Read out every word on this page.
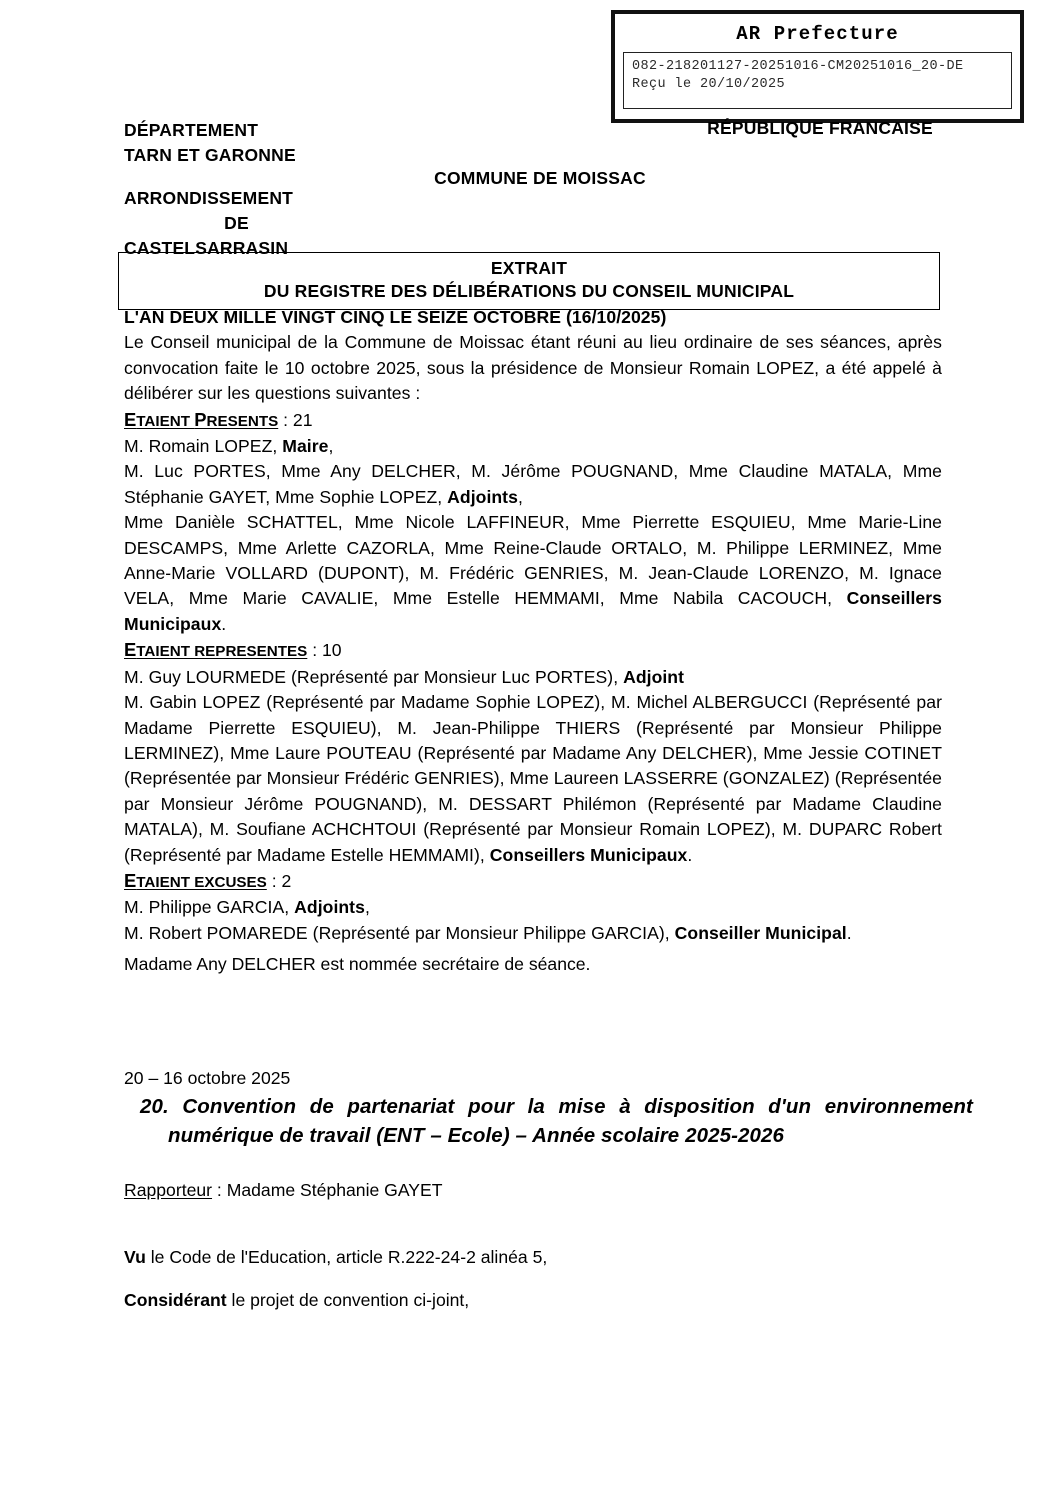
AR Prefecture
082-218201127-20251016-CM20251016_20-DE
Reçu le 20/10/2025
DÉPARTEMENT
TARN ET GARONNE
ARRONDISSEMENT
DE
CASTELSARRASIN
RÉPUBLIQUE FRANCAISE
COMMUNE DE MOISSAC
EXTRAIT
DU REGISTRE DES DÉLIBÉRATIONS DU CONSEIL MUNICIPAL
L'AN DEUX MILLE VINGT CINQ LE SEIZE OCTOBRE (16/10/2025)
Le Conseil municipal de la Commune de Moissac étant réuni au lieu ordinaire de ses séances, après convocation faite le 10 octobre 2025, sous la présidence de Monsieur Romain LOPEZ, a été appelé à délibérer sur les questions suivantes :
ETAIENT PRESENTS : 21
M. Romain LOPEZ, Maire,
M. Luc PORTES, Mme Any DELCHER, M. Jérôme POUGNAND, Mme Claudine MATALA, Mme Stéphanie GAYET, Mme Sophie LOPEZ, Adjoints,
Mme Danièle SCHATTEL, Mme Nicole LAFFINEUR, Mme Pierrette ESQUIEU, Mme Marie-Line DESCAMPS, Mme Arlette CAZORLA, Mme Reine-Claude ORTALO, M. Philippe LERMINEZ, Mme Anne-Marie VOLLARD (DUPONT), M. Frédéric GENRIES, M. Jean-Claude LORENZO, M. Ignace VELA, Mme Marie CAVALIE, Mme Estelle HEMMAMI, Mme Nabila CACOUCH, Conseillers Municipaux.
ETAIENT REPRESENTES : 10
M. Guy LOURMEDE (Représenté par Monsieur Luc PORTES), Adjoint
M. Gabin LOPEZ (Représenté par Madame Sophie LOPEZ), M. Michel ALBERGUCCI (Représenté par Madame Pierrette ESQUIEU), M. Jean-Philippe THIERS (Représenté par Monsieur Philippe LERMINEZ), Mme Laure POUTEAU (Représenté par Madame Any DELCHER), Mme Jessie COTINET (Représentée par Monsieur Frédéric GENRIES), Mme Laureen LASSERRE (GONZALEZ) (Représentée par Monsieur Jérôme POUGNAND), M. DESSART Philémon (Représenté par Madame Claudine MATALA), M. Soufiane ACHCHTOUI (Représenté par Monsieur Romain LOPEZ), M. DUPARC Robert (Représenté par Madame Estelle HEMMAMI), Conseillers Municipaux.
ETAIENT EXCUSES : 2
M. Philippe GARCIA, Adjoints,
M. Robert POMAREDE (Représenté par Monsieur Philippe GARCIA), Conseiller Municipal.
Madame Any DELCHER est nommée secrétaire de séance.
20 – 16 octobre 2025
20. Convention de partenariat pour la mise à disposition d'un environnement numérique de travail (ENT – Ecole) – Année scolaire 2025-2026
Rapporteur : Madame Stéphanie GAYET
Vu le Code de l'Education, article R.222-24-2 alinéa 5,
Considérant le projet de convention ci-joint,
